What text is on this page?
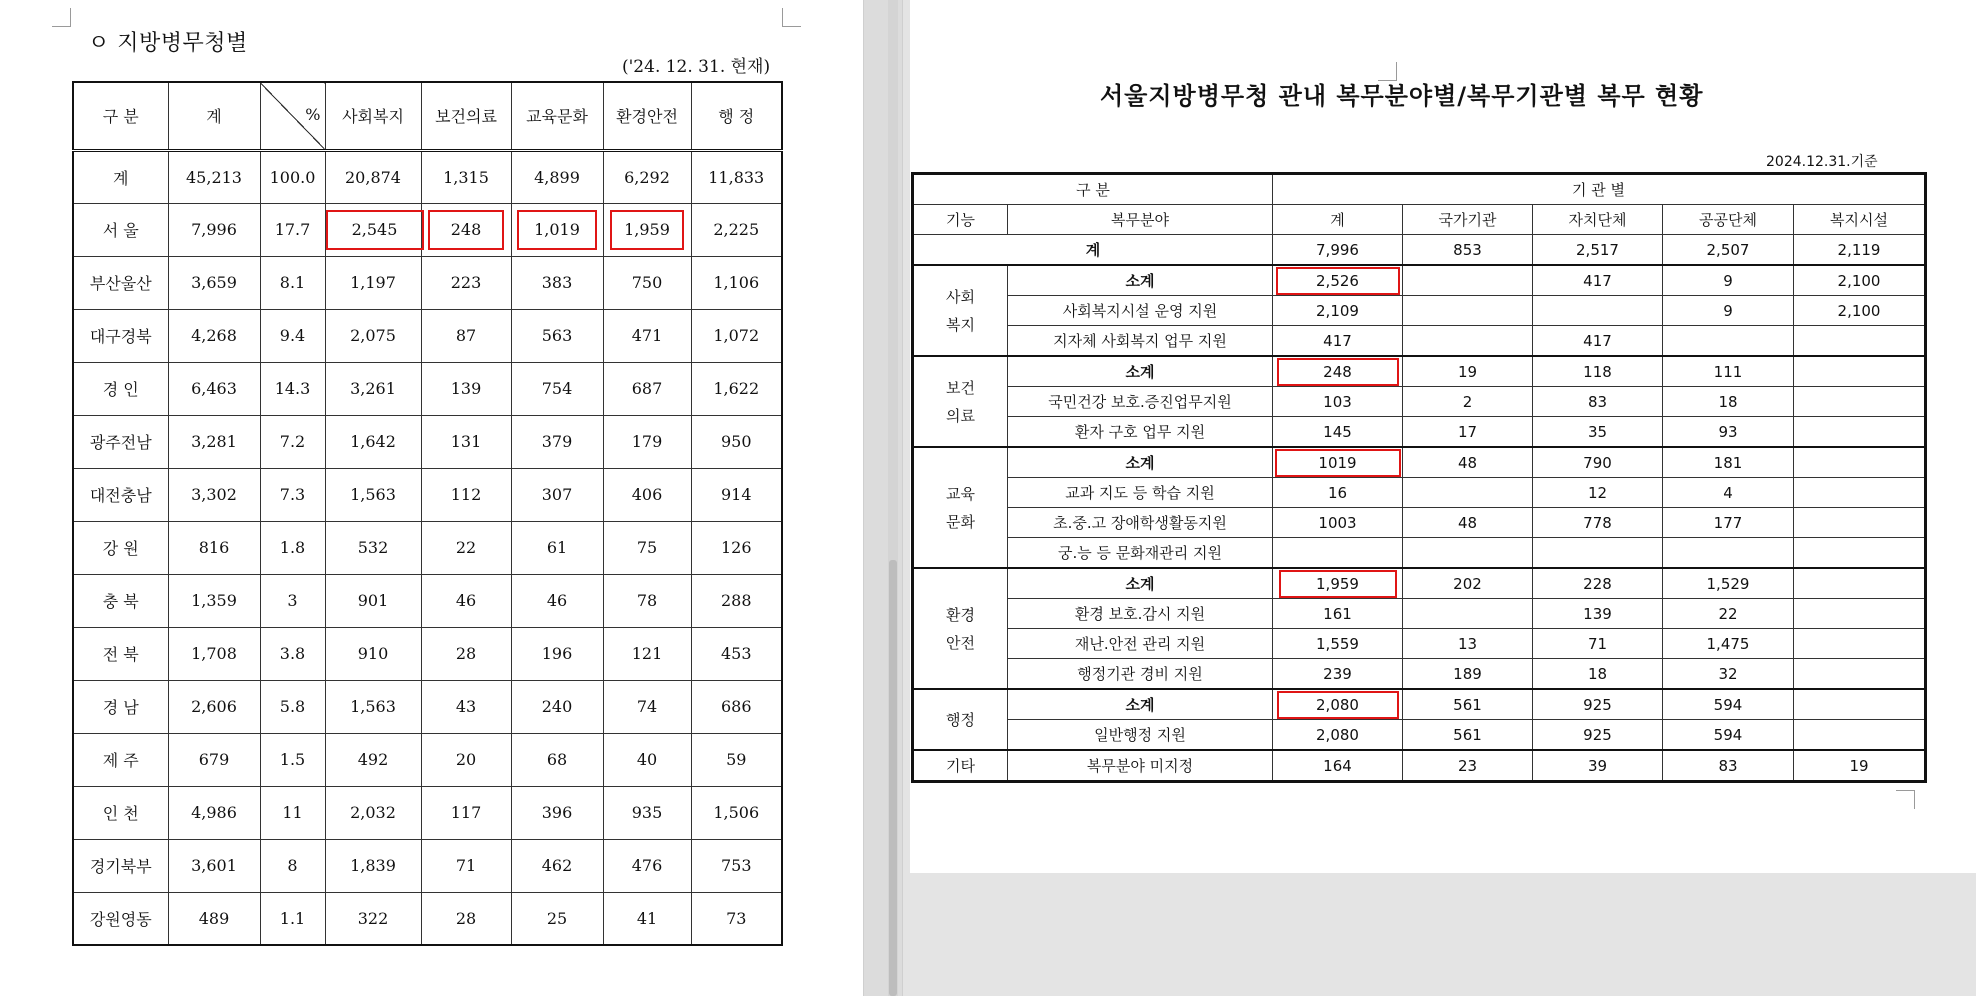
ㅇ 지방병무청별
('24. 12. 31. 현재)
구 분	계	%	사회복지	보건의료	교육문화	환경안전	행 정
계	45,213	100.0	20,874	1,315	4,899	6,292	11,833
서 울	7,996	17.7	2,545	248	1,019	1,959	2,225
부산울산	3,659	8.1	1,197	223	383	750	1,106
대구경북	4,268	9.4	2,075	87	563	471	1,072
경 인	6,463	14.3	3,261	139	754	687	1,622
광주전남	3,281	7.2	1,642	131	379	179	950
대전충남	3,302	7.3	1,563	112	307	406	914
강 원	816	1.8	532	22	61	75	126
충 북	1,359	3	901	46	46	78	288
전 북	1,708	3.8	910	28	196	121	453
경 남	2,606	5.8	1,563	43	240	74	686
제 주	679	1.5	492	20	68	40	59
인 천	4,986	11	2,032	117	396	935	1,506
경기북부	3,601	8	1,839	71	462	476	753
강원영동	489	1.1	322	28	25	41	73
서울지방병무청 관내 복무분야별/복무기관별 복무 현황
2024.12.31.기준
구 분		기 관 별				
기능	복무분야	계	국가기관	자치단체	공공단체	복지시설
계		7,996	853	2,517	2,507	2,119
사회
복지	소계	2,526		417	9	2,100
	사회복지시설 운영 지원	2,109			9	2,100
	지자체 사회복지 업무 지원	417		417		
보건
의료	소계	248	19	118	111	
	국민건강 보호.증진업무지원	103	2	83	18	
	환자 구호 업무 지원	145	17	35	93	
교육
문화	소계	1019	48	790	181	
	교과 지도 등 학습 지원	16		12	4	
	초.중.고 장애학생활동지원	1003	48	778	177	
	궁.능 등 문화재관리 지원					
환경
안전	소계	1,959	202	228	1,529	
	환경 보호.감시 지원	161		139	22	
	재난.안전 관리 지원	1,559	13	71	1,475	
	행정기관 경비 지원	239	189	18	32	
행정	소계	2,080	561	925	594	
	일반행정 지원	2,080	561	925	594	
기타	복무분야 미지정	164	23	39	83	19
